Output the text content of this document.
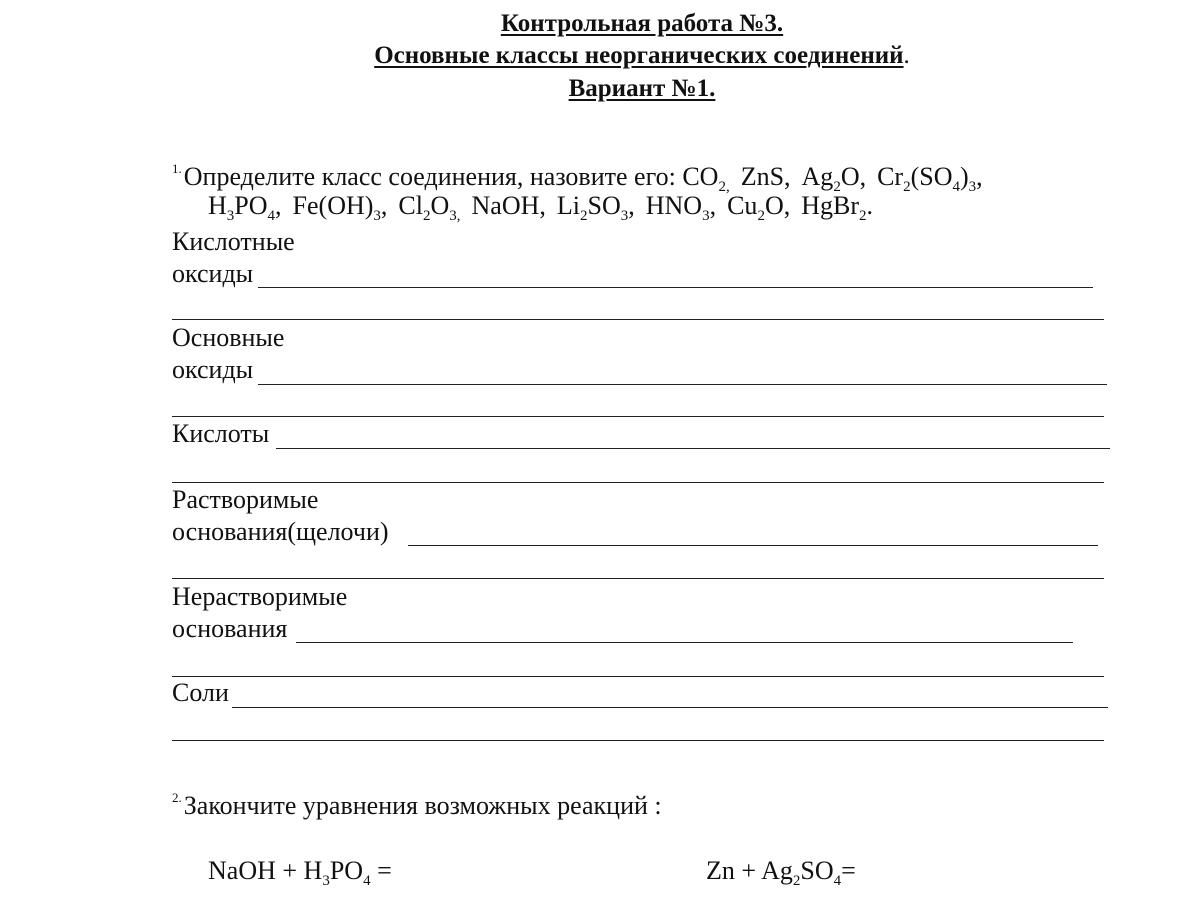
Контрольная работа №3.
Основные классы неорганических соединений.
Вариант №1.
$^{1.}$Определите класс соединения, назовите его: $CO_{2,}$ ZnS, $Ag_2O$, $Cr_2(SO_4)_3$,
$H_3PO_4$, $Fe(OH)_3$, $Cl_2O_{3,}$ NaOH, $Li_2SO_3$, $HNO_3$, $Cu_2O$, HgBr$_2$.
Кислотные
оксиды
Основные
оксиды
Кислоты
Растворимые
основания(щелочи)
Нерастворимые
основания
Соли
$^{2.}$Закончите уравнения возможных реакций :
NaOH + $H_3PO_4$ =	$Zn + Ag_2SO_4=$
